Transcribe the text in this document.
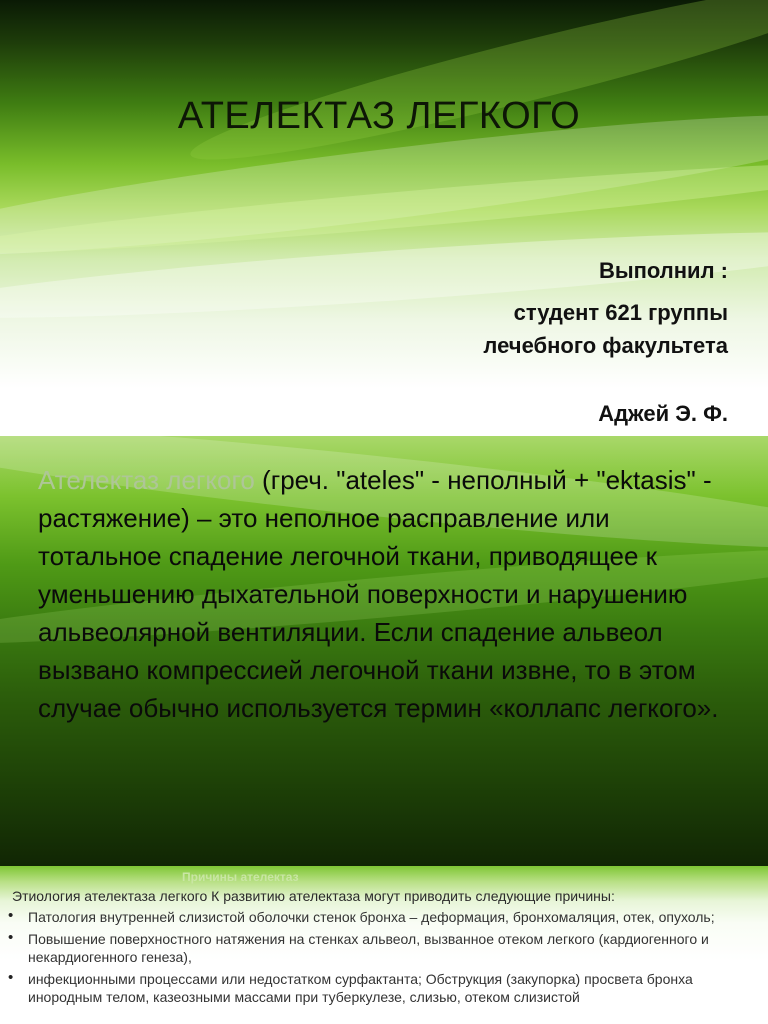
АТЕЛЕКТАЗ ЛЕГКОГО
Выполнил :
студент 621 группы
лечебного факультета
Аджей Э. Ф.

Ателектаз легкого (греч. "ateles" - неполный + "ektasis" - растяжение) – это неполное расправление или тотальное спадение легочной ткани, приводящее к уменьшению дыхательной поверхности и нарушению альвеолярной вентиляции. Если спадение альвеол вызвано компрессией легочной ткани извне, то в этом случае обычно используется термин «коллапс легкого».

Причины ателектаз

Этиология ателектаза легкого К развитию ателектаза могут приводить следующие причины:

• Патология внутренней слизистой оболочки стенок бронха – деформация, бронхомаляция, отек, опухоль;
• Повышение поверхностного натяжения на стенках альвеол, вызванное отеком легкого (кардиогенного и некардиогенного генеза),
• инфекционными процессами или недостатком сурфактанта; Обструкция (закупорка) просвета бронха инородным телом, казеозными массами при туберкулезе, слизью, отеком слизистой
